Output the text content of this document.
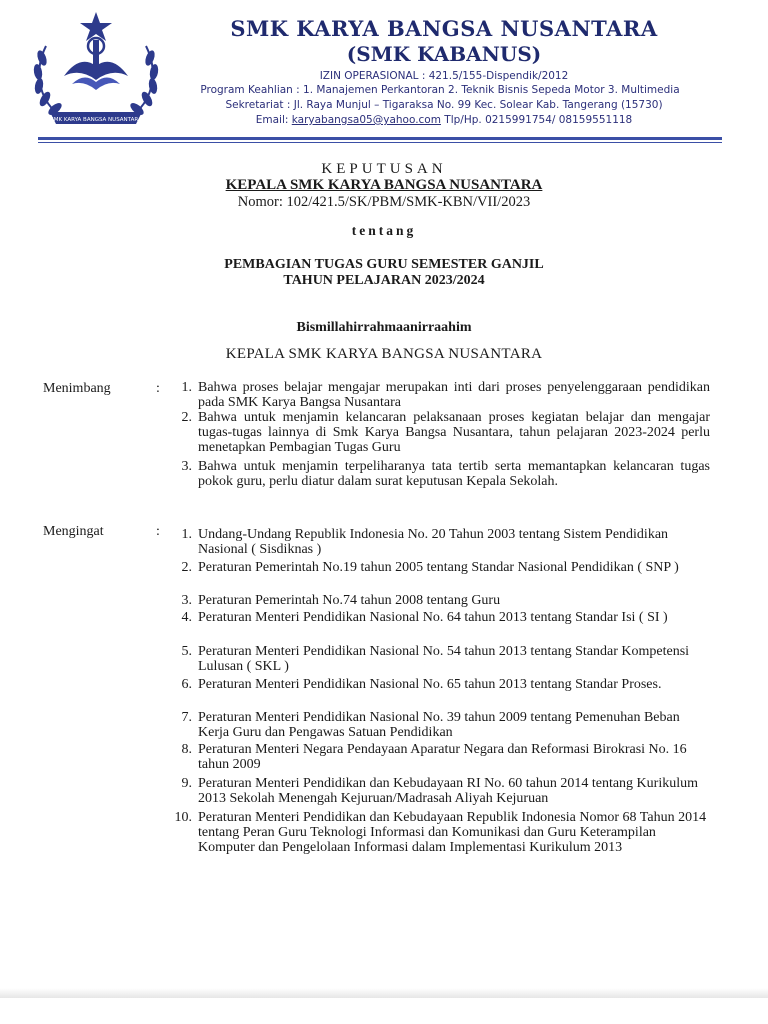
SMK KARYA BANGSA NUSANTARA
SMK KARYA BANGSA NUSANTARA
(SMK KABANUS)
IZIN OPERASIONAL : 421.5/155-Dispendik/2012
Program Keahlian : 1. Manajemen Perkantoran 2. Teknik Bisnis Sepeda Motor 3. Multimedia
Sekretariat : Jl. Raya Munjul – Tigaraksa No. 99 Kec. Solear Kab. Tangerang (15730)
Email: karyabangsa05@yahoo.com Tlp/Hp. 0215991754/ 08159551118
KEPUTUSAN
KEPALA SMK KARYA BANGSA NUSANTARA
Nomor: 102/421.5/SK/PBM/SMK-KBN/VII/2023
tentang
PEMBAGIAN TUGAS GURU SEMESTER GANJIL
TAHUN PELAJARAN 2023/2024
Bismillahirrahmaanirraahim
KEPALA SMK KARYA BANGSA NUSANTARA
Menimbang	:	1. Bahwa proses belajar mengajar merupakan inti dari proses penyelenggaraan pendidikan pada SMK Karya Bangsa Nusantara
2. Bahwa untuk menjamin kelancaran pelaksanaan proses kegiatan belajar dan mengajar tugas-tugas lainnya di Smk Karya Bangsa Nusantara, tahun pelajaran 2023-2024 perlu menetapkan Pembagian Tugas Guru
3. Bahwa untuk menjamin terpeliharanya tata tertib serta memantapkan kelancaran tugas pokok guru, perlu diatur dalam surat keputusan Kepala Sekolah.
Mengingat	:	1. Undang-Undang Republik Indonesia No. 20 Tahun 2003 tentang Sistem Pendidikan Nasional ( Sisdiknas )
2. Peraturan Pemerintah No.19 tahun 2005 tentang Standar Nasional Pendidikan ( SNP )
3. Peraturan Pemerintah No.74 tahun 2008 tentang Guru
4. Peraturan Menteri Pendidikan Nasional No. 64 tahun 2013 tentang Standar Isi ( SI )
5. Peraturan Menteri Pendidikan Nasional No. 54 tahun 2013 tentang Standar Kompetensi Lulusan ( SKL )
6. Peraturan Menteri Pendidikan Nasional No. 65 tahun 2013 tentang Standar Proses.
7. Peraturan Menteri Pendidikan Nasional No. 39 tahun 2009 tentang Pemenuhan Beban Kerja Guru dan Pengawas Satuan Pendidikan
8. Peraturan Menteri Negara Pendayaan Aparatur Negara dan Reformasi Birokrasi No. 16 tahun 2009
9. Peraturan Menteri Pendidikan dan Kebudayaan RI No. 60 tahun 2014 tentang Kurikulum 2013 Sekolah Menengah Kejuruan/Madrasah Aliyah Kejuruan
10. Peraturan Menteri Pendidikan dan Kebudayaan Republik Indonesia Nomor 68 Tahun 2014 tentang Peran Guru Teknologi Informasi dan Komunikasi dan Guru Keterampilan Komputer dan Pengelolaan Informasi dalam Implementasi Kurikulum 2013
